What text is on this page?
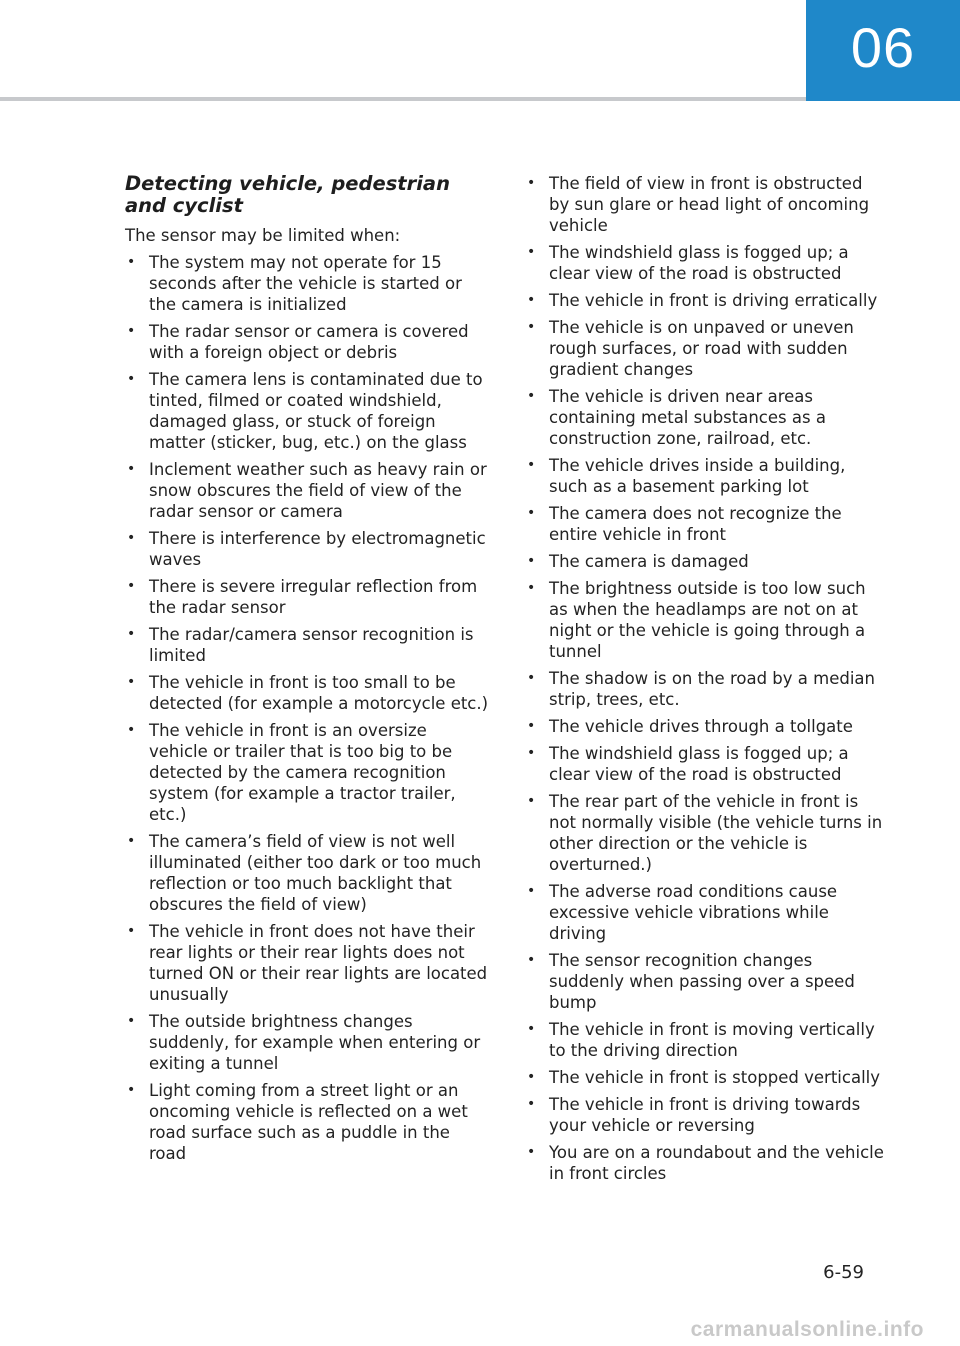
06
Detecting vehicle, pedestrian and cyclist

The sensor may be limited when:

• The system may not operate for 15 seconds after the vehicle is started or the camera is initialized
• The radar sensor or camera is covered with a foreign object or debris
• The camera lens is contaminated due to tinted, filmed or coated windshield, damaged glass, or stuck of foreign matter (sticker, bug, etc.) on the glass
• Inclement weather such as heavy rain or snow obscures the field of view of the radar sensor or camera
• There is interference by electromagnetic waves
• There is severe irregular reflection from the radar sensor
• The radar/camera sensor recognition is limited
• The vehicle in front is too small to be detected (for example a motorcycle etc.)
• The vehicle in front is an oversize vehicle or trailer that is too big to be detected by the camera recognition system (for example a tractor trailer, etc.)
• The camera’s field of view is not well illuminated (either too dark or too much reflection or too much backlight that obscures the field of view)
• The vehicle in front does not have their rear lights or their rear lights does not turned ON or their rear lights are located unusually
• The outside brightness changes suddenly, for example when entering or exiting a tunnel
• Light coming from a street light or an oncoming vehicle is reflected on a wet road surface such as a puddle in the road
• The field of view in front is obstructed by sun glare or head light of oncoming vehicle
• The windshield glass is fogged up; a clear view of the road is obstructed
• The vehicle in front is driving erratically
• The vehicle is on unpaved or uneven rough surfaces, or road with sudden gradient changes
• The vehicle is driven near areas containing metal substances as a construction zone, railroad, etc.
• The vehicle drives inside a building, such as a basement parking lot
• The camera does not recognize the entire vehicle in front
• The camera is damaged
• The brightness outside is too low such as when the headlamps are not on at night or the vehicle is going through a tunnel
• The shadow is on the road by a median strip, trees, etc.
• The vehicle drives through a tollgate
• The windshield glass is fogged up; a clear view of the road is obstructed
• The rear part of the vehicle in front is not normally visible (the vehicle turns in other direction or the vehicle is overturned.)
• The adverse road conditions cause excessive vehicle vibrations while driving
• The sensor recognition changes suddenly when passing over a speed bump
• The vehicle in front is moving vertically to the driving direction
• The vehicle in front is stopped vertically
• The vehicle in front is driving towards your vehicle or reversing
• You are on a roundabout and the vehicle in front circles
6-59
carmanualsonline.info
